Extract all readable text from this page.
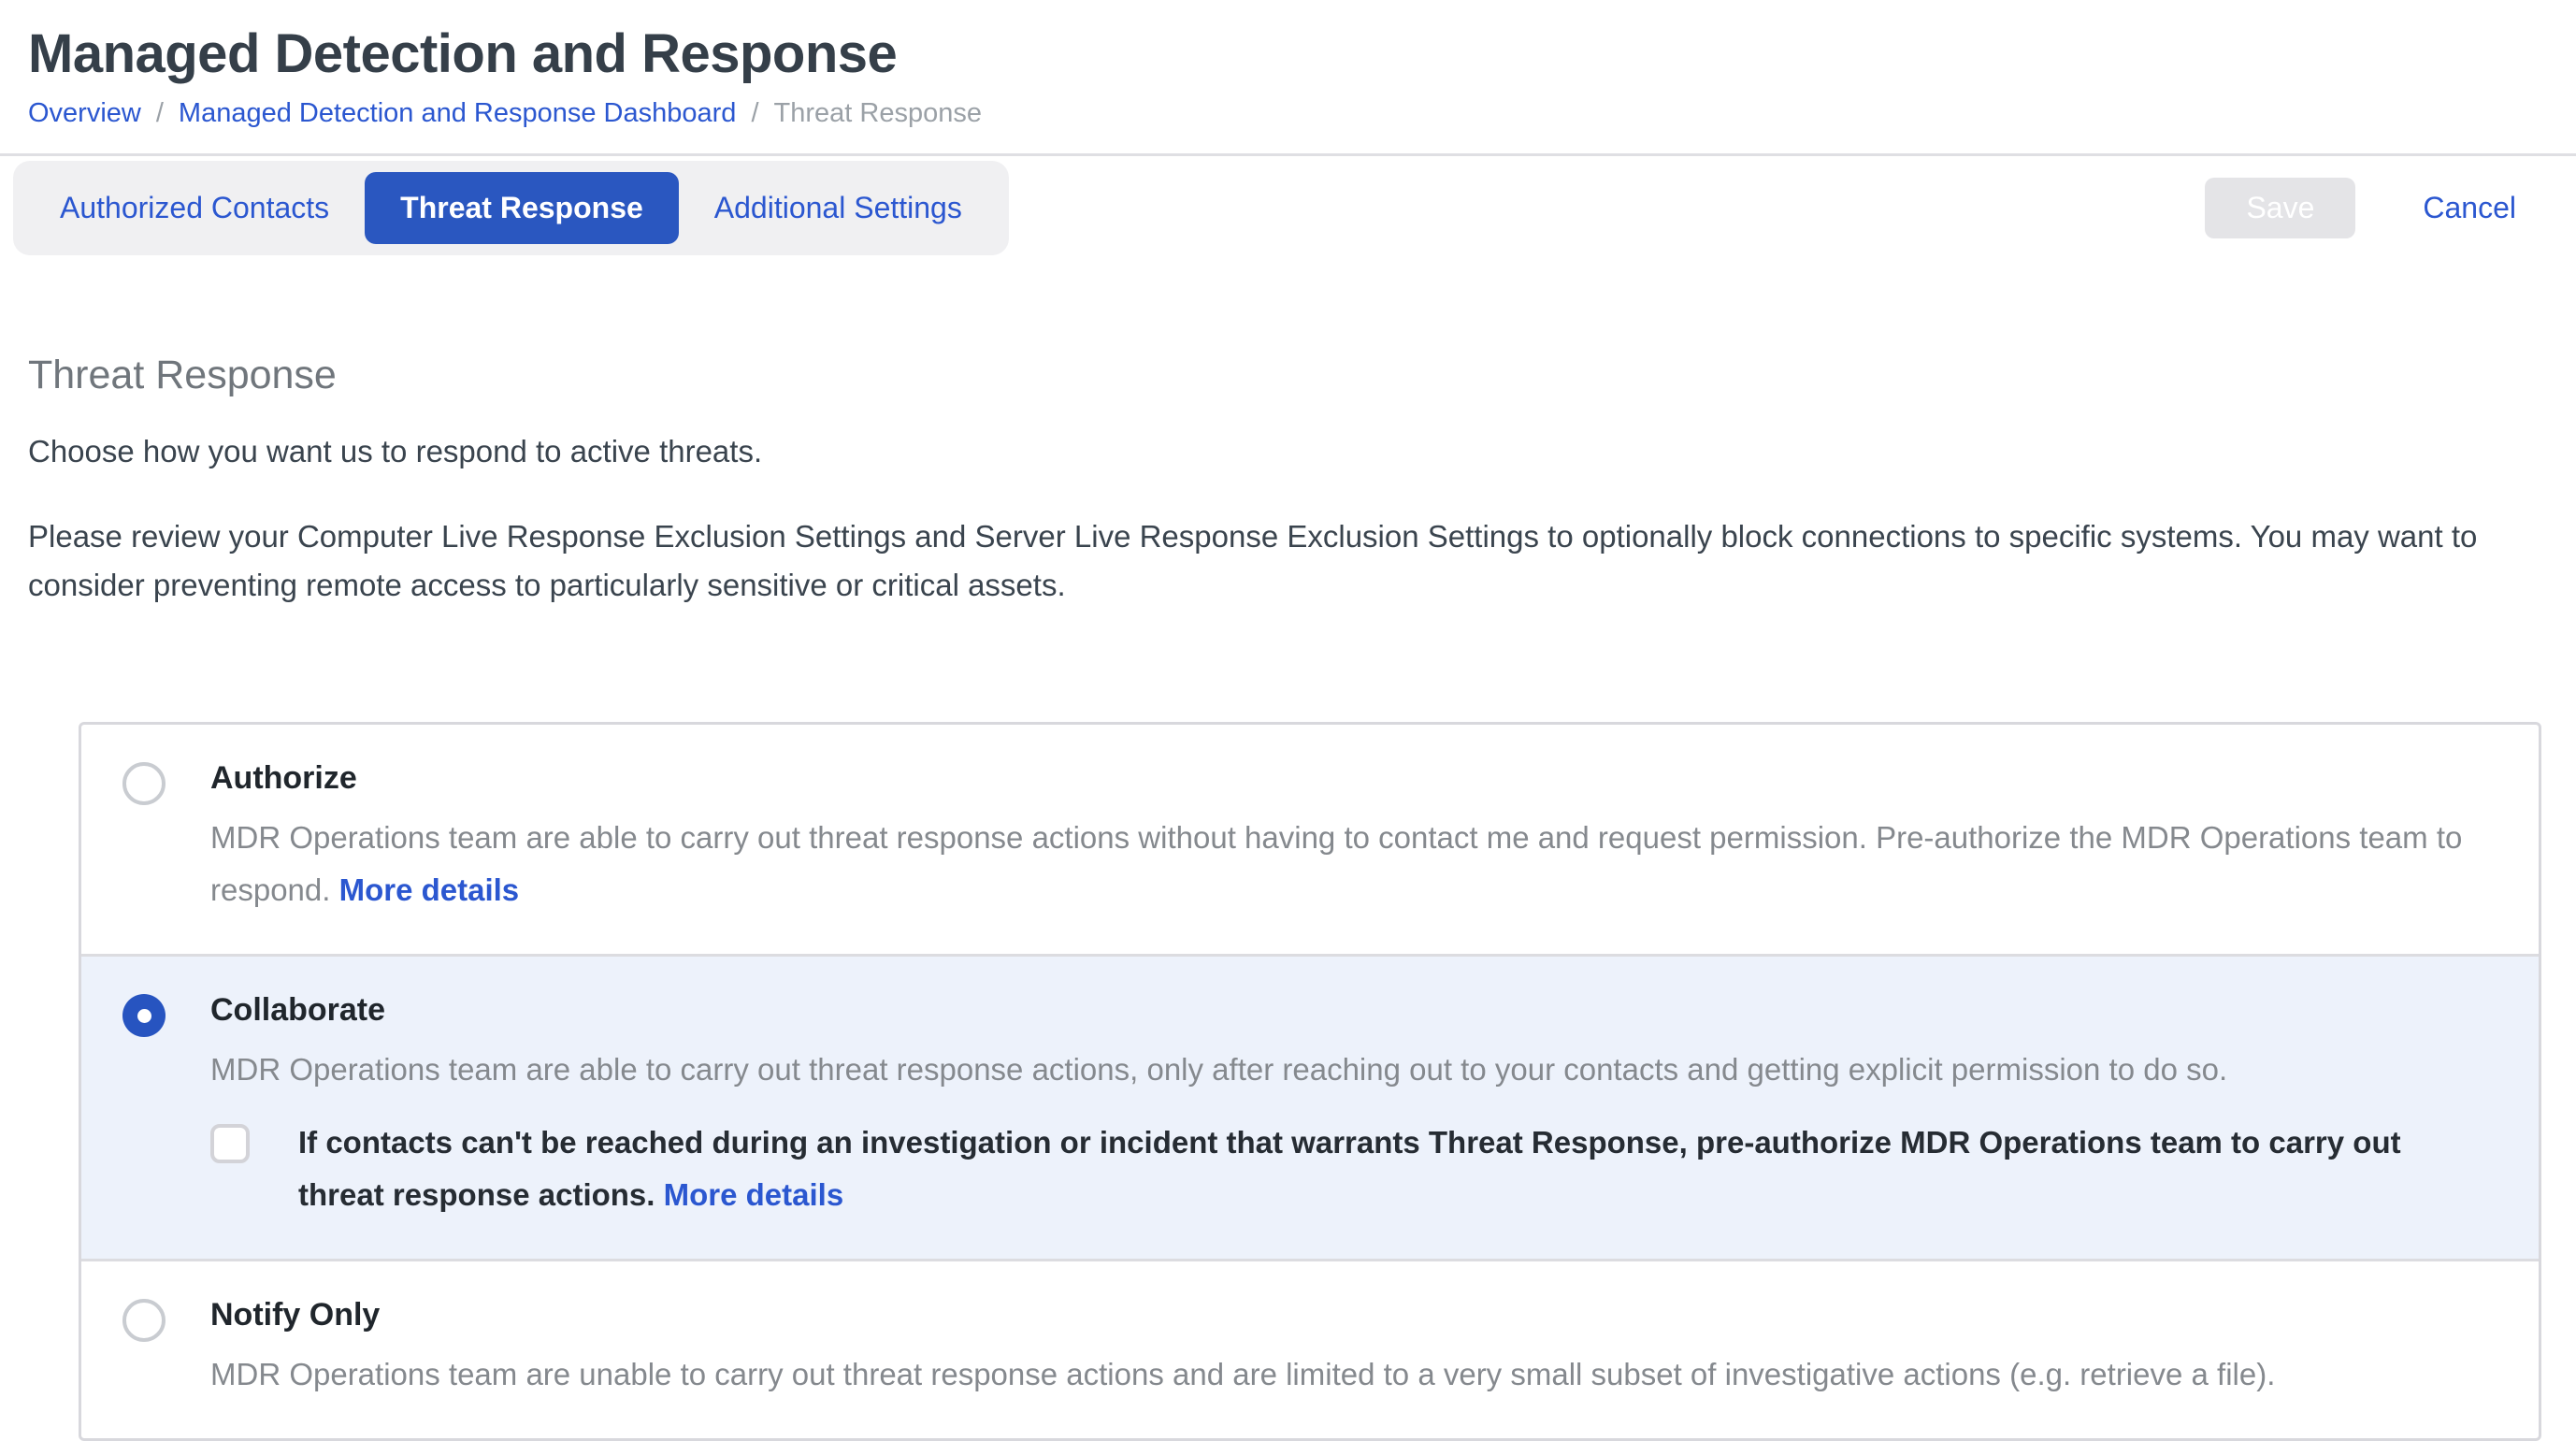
Managed Detection and Response
Overview / Managed Detection and Response Dashboard / Threat Response
Authorized Contacts	Threat Response	Additional Settings	Save	Cancel
Threat Response

Choose how you want us to respond to active threats.

Please review your Computer Live Response Exclusion Settings and Server Live Response Exclusion Settings to optionally block connections to specific systems. You may want to consider preventing remote access to particularly sensitive or critical assets.

Authorize
MDR Operations team are able to carry out threat response actions without having to contact me and request permission. Pre-authorize the MDR Operations team to respond. More details
Collaborate
MDR Operations team are able to carry out threat response actions, only after reaching out to your contacts and getting explicit permission to do so.
If contacts can't be reached during an investigation or incident that warrants Threat Response, pre-authorize MDR Operations team to carry out threat response actions. More details
Notify Only
MDR Operations team are unable to carry out threat response actions and are limited to a very small subset of investigative actions (e.g. retrieve a file).
